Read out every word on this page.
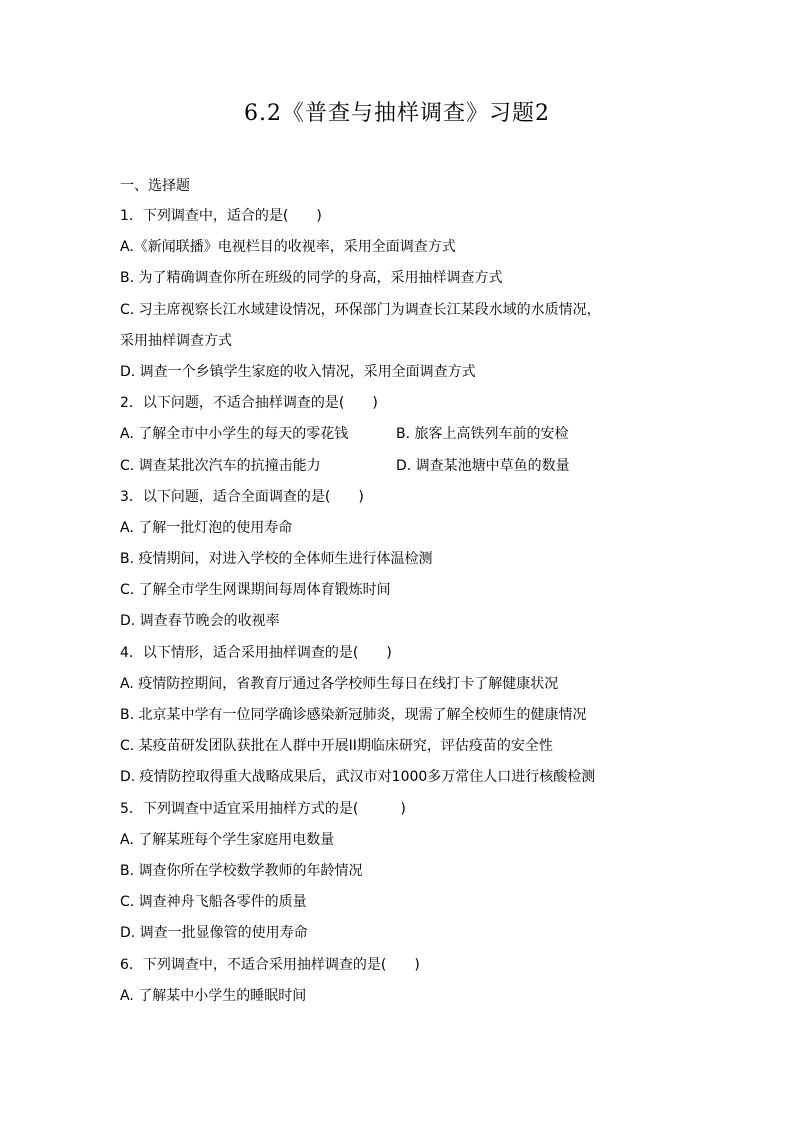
6.2《普查与抽样调查》习题2
一、选择题
1．下列调查中，适合的是(　　)
A.《新闻联播》电视栏目的收视率，采用全面调查方式
B. 为了精确调查你所在班级的同学的身高，采用抽样调查方式
C. 习主席视察长江水域建设情况，环保部门为调查长江某段水域的水质情况，
采用抽样调查方式
D. 调查一个乡镇学生家庭的收入情况，采用全面调查方式
2．以下问题，不适合抽样调查的是(　　)
A. 了解全市中小学生的每天的零花钱	B. 旅客上高铁列车前的安检
C. 调查某批次汽车的抗撞击能力	D. 调查某池塘中草鱼的数量
3．以下问题，适合全面调查的是(　　)
A. 了解一批灯泡的使用寿命
B. 疫情期间，对进入学校的全体师生进行体温检测
C. 了解全市学生网课期间每周体育锻炼时间
D. 调查春节晚会的收视率
4．以下情形，适合采用抽样调查的是(　　)
A. 疫情防控期间，省教育厅通过各学校师生每日在线打卡了解健康状况
B. 北京某中学有一位同学确诊感染新冠肺炎，现需了解全校师生的健康情况
C. 某疫苗研发团队获批在人群中开展II期临床研究，评估疫苗的安全性
D. 疫情防控取得重大战略成果后，武汉市对1000多万常住人口进行核酸检测
5．下列调查中适宜采用抽样方式的是(　　　)
A. 了解某班每个学生家庭用电数量
B. 调查你所在学校数学教师的年龄情况
C. 调查神舟飞船各零件的质量
D. 调查一批显像管的使用寿命
6．下列调查中，不适合采用抽样调查的是(　　)
A. 了解某中小学生的睡眠时间
